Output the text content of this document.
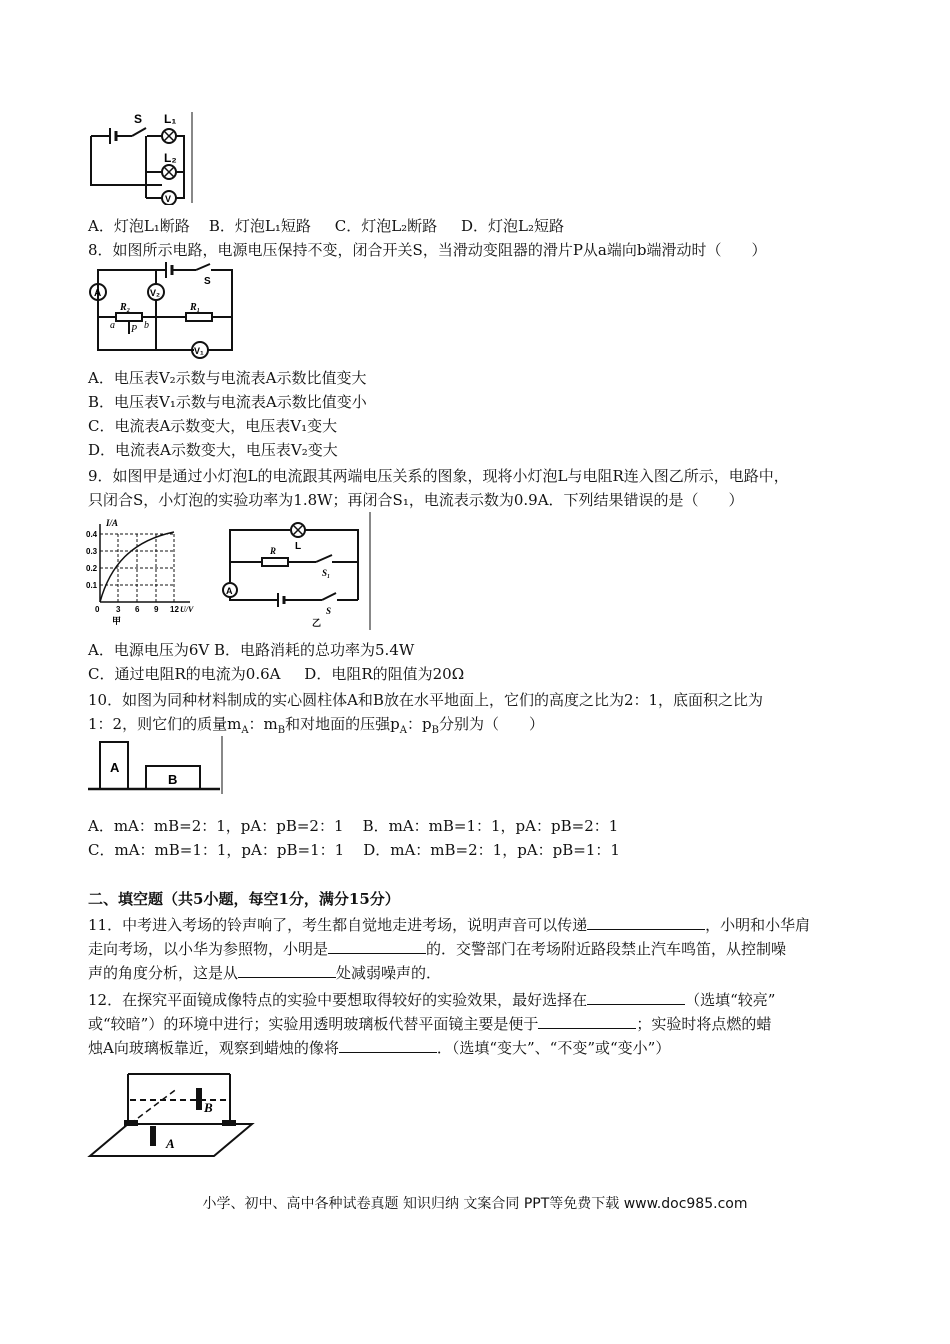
S L₁
L₂
V
A．灯泡L₁断路    B．灯泡L₁短路     C．灯泡L₂断路     D．灯泡L₂短路
8．如图所示电路，电源电压保持不变，闭合开关S，当滑动变阻器的滑片P从a端向b端滑动时（　　）
A	V₂
R₂	R₁
V₁
a	b
P
S
A．电压表V₂示数与电流表A示数比值变大
B．电压表V₁示数与电流表A示数比值变小
C．电流表A示数变大，电压表V₁变大
D．电流表A示数变大，电压表V₂变大
9．如图甲是通过小灯泡L的电流跟其两端电压关系的图象，现将小灯泡L与电阻R连入图乙所示，电路中，
只闭合S，小灯泡的实验功率为1.8W；再闭合S₁，电流表示数为0.9A．下列结果错误的是（　　）
I/A
0.4
0.3
0.2
0.1
0 3 6 9 12 U/V
甲
L
R
S₁
A
S
乙
A．电源电压为6V B．电路消耗的总功率为5.4W
C．通过电阻R的电流为0.6A     D．电阻R的阻值为20Ω
10．如图为同种材料制成的实心圆柱体A和B放在水平地面上，它们的高度之比为2：1，底面积之比为
1：2，则它们的质量$m_A$：$m_B$和对地面的压强$p_A$：$p_B$分别为（　　）
A
B
A．mA：mB=2：1，pA：pB=2：1    B．mA：mB=1：1，pA：pB=2：1
C．mA：mB=1：1，pA：pB=1：1    D．mA：mB=2：1，pA：pB=1：1
二、填空题（共5小题，每空1分，满分15分）
11．中考进入考场的铃声响了，考生都自觉地走进考场，说明声音可以传递	，小明和小华肩
走向考场，以小华为参照物，小明是	的．交警部门在考场附近路段禁止汽车鸣笛，从控制噪
声的角度分析，这是从	处减弱噪声的．
12．在探究平面镜成像特点的实验中要想取得较好的实验效果，最好选择在	（选填“较亮”
或“较暗”）的环境中进行；实验用透明玻璃板代替平面镜主要是便于	；实验时将点燃的蜡
烛A向玻璃板靠近，观察到蜡烛的像将	．（选填“变大”、“不变”或“变小”）
B
A
小学、初中、高中各种试卷真题 知识归纳 文案合同 PPT等免费下载 www.doc985.com
